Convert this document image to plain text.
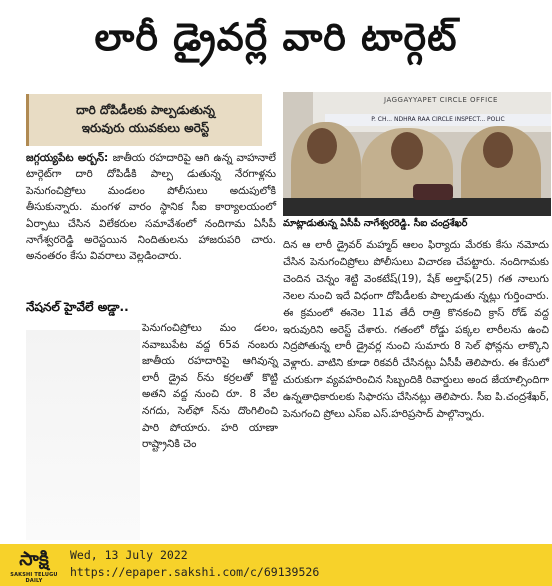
లారీ డ్రైవర్లే వారి టార్గెట్
దారి దోపిడీలకు పాల్పడుతున్న
ఇరువురు యువకులు అరెస్ట్
జగ్గయ్యపేట అర్బన్: జాతీయ రహదారిపై ఆగి ఉన్న వాహనాలే టార్గెట్‌గా దారి దోపిడీకి పాల్ప డుతున్న నేరగాళ్లను పెనుగంచిప్రోలు మండలం పోలీసులు అదుపులోకి తీసుకున్నారు. మంగళ వారం స్థానిక సీఐ కార్యాలయంలో ఏర్పాటు చేసిన విలేకరుల సమావేశంలో నందిగామ ఏసీపీ నాగేశ్వరరెడ్డి అరెస్టయిన నిందితులను హాజరుపరి చారు. అనంతరం కేసు వివరాలు వెల్లడించారు.
నేషనల్ హైవేలే అడ్డా..
పెనుగంచిప్రోలు మం డలం, నవాబుపేట వద్ద 65వ నంబరు జాతీయ రహదారిపై ఆగివున్న లారీ డ్రైవ ర్‌ను కర్రలతో కొట్టి అతని వద్ద నుంచి రూ. 8 వేల నగదు, సెల్‌ఫో న్‌ను దొంగిలించి పారి పోయారు. హరి యాణా రాష్ట్రానికి చెం
JAGGAYYAPET CIRCLE OFFICE
P. CH... NDHRA RAA CIRCLE INSPECT... POLIC
మాట్లాడుతున్న ఏసీపీ నాగేశ్వరరెడ్డి. సీఐ చంద్రశేఖర్
దిన ఆ లారీ డ్రైవర్ మహ్మద్ ఆలం ఫిర్యాదు మేరకు కేసు నమోదు చేసిన పెనుగంచిప్రోలు పోలీసులు విచారణ చేపట్టారు. నందిగామకు చెందిన చెన్నం శెట్టి వెంకటేష్(19), షేక్ అల్తాఫ్(25) గత నాలుగు నెలల నుంచి ఇదే విధంగా దోపిడీలకు పాల్పడుతు న్నట్లు గుర్తించారు. ఈ క్రమంలో ఈనెల 11వ తేదీ రాత్రి కొనకంచి క్రాస్ రోడ్ వద్ద ఇరువురిని అరెస్ట్ చేశారు. గతంలో రోడ్డు పక్కల లారీలను ఉంచి నిద్రపోతున్న లారీ డ్రైవర్ల నుంచి సుమారు 8 సెల్ ఫోన్లను లాక్కొని వెళ్లారు. వాటిని కూడా రికవరీ చేసినట్లు ఏసీపీ తెలిపారు. ఈ కేసులో చురుకుగా వ్యవహరించిన సిబ్బందికి రివార్డులు అంద జేయాల్సిందిగా ఉన్నతాధికారులకు సిఫారసు చేసినట్లు తెలిపారు. సీఐ పి.చంద్రశేఖర్, పెనుగంచి ప్రోలు ఎస్‌ఐ ఎస్.హరిప్రసాద్ పాల్గొన్నారు.
సాక్షి
SAKSHI TELUGU DAILY
Wed, 13 July 2022
https://epaper.sakshi.com/c/69139526
